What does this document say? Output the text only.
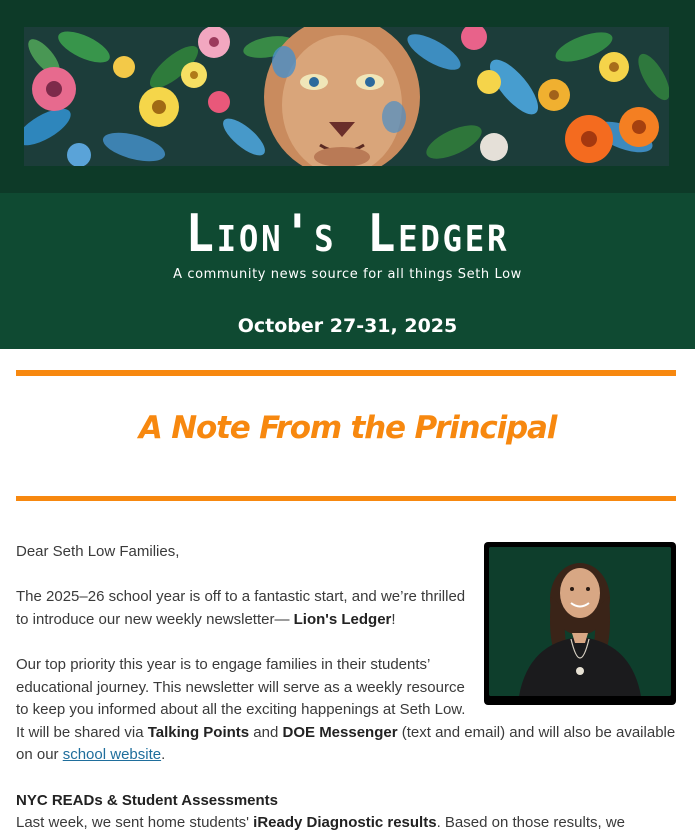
Lion's Ledger
A community news source for all things Seth Low
October 27-31, 2025
A Note From the Principal

Dear Seth Low Families,

The 2025–26 school year is off to a fantastic start, and we’re thrilled to introduce our new weekly newsletter— Lion's Ledger!

Our top priority this year is to engage families in their students’ educational journey. This newsletter will serve as a weekly resource to keep you informed about all the exciting happenings at Seth Low. It will be shared via Talking Points and DOE Messenger (text and email) and will also be available on our school website.

NYC READs & Student Assessments
Last week, we sent home students' iReady Diagnostic results. Based on those results, we
